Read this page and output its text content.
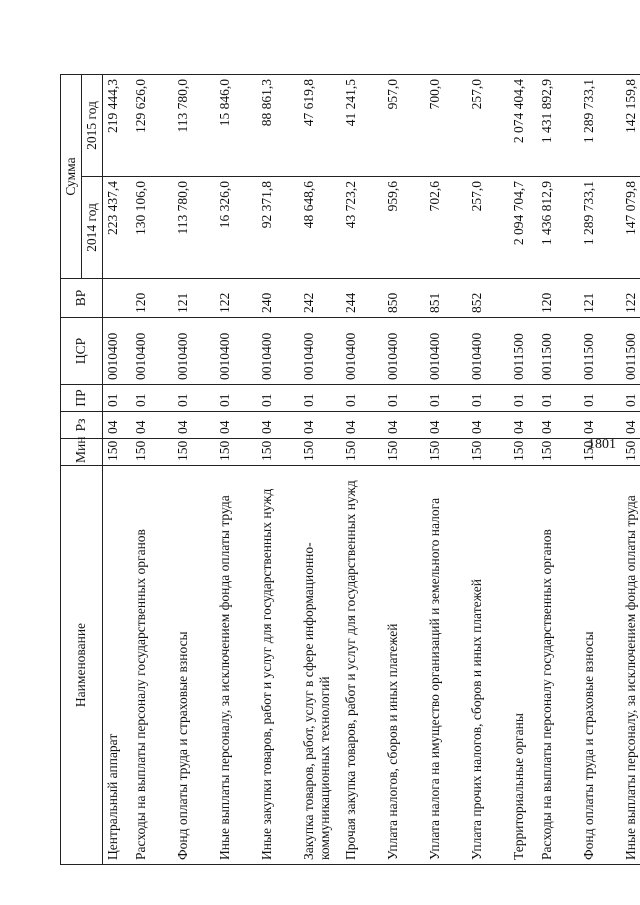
1801
Наименование	Мин	Рз	ПР	ЦСР	ВР	Сумма	
						2014 год	2015 год
Центральный аппарат	150	04	01	0010400		223 437,4	219 444,3
Расходы на выплаты персоналу государственных органов	150	04	01	0010400	120	130 106,0	129 626,0
Фонд оплаты труда и страховые взносы	150	04	01	0010400	121	113 780,0	113 780,0
Иные выплаты персоналу, за исключением фонда оплаты труда	150	04	01	0010400	122	16 326,0	15 846,0
Иные закупки товаров, работ и услуг для государственных нужд	150	04	01	0010400	240	92 371,8	88 861,3
Закупка товаров, работ, услуг в сфере информационно-коммуникационных технологий	150	04	01	0010400	242	48 648,6	47 619,8
Прочая закупка товаров, работ и услуг для государственных нужд	150	04	01	0010400	244	43 723,2	41 241,5
Уплата налогов, сборов и иных платежей	150	04	01	0010400	850	959,6	957,0
Уплата налога на имущество организаций и земельного налога	150	04	01	0010400	851	702,6	700,0
Уплата прочих налогов, сборов и иных платежей	150	04	01	0010400	852	257,0	257,0
Территориальные органы	150	04	01	0011500		2 094 704,7	2 074 404,4
Расходы на выплаты персоналу государственных органов	150	04	01	0011500	120	1 436 812,9	1 431 892,9
Фонд оплаты труда и страховые взносы	150	04	01	0011500	121	1 289 733,1	1 289 733,1
Иные выплаты персоналу, за исключением фонда оплаты труда	150	04	01	0011500	122	147 079,8	142 159,8
